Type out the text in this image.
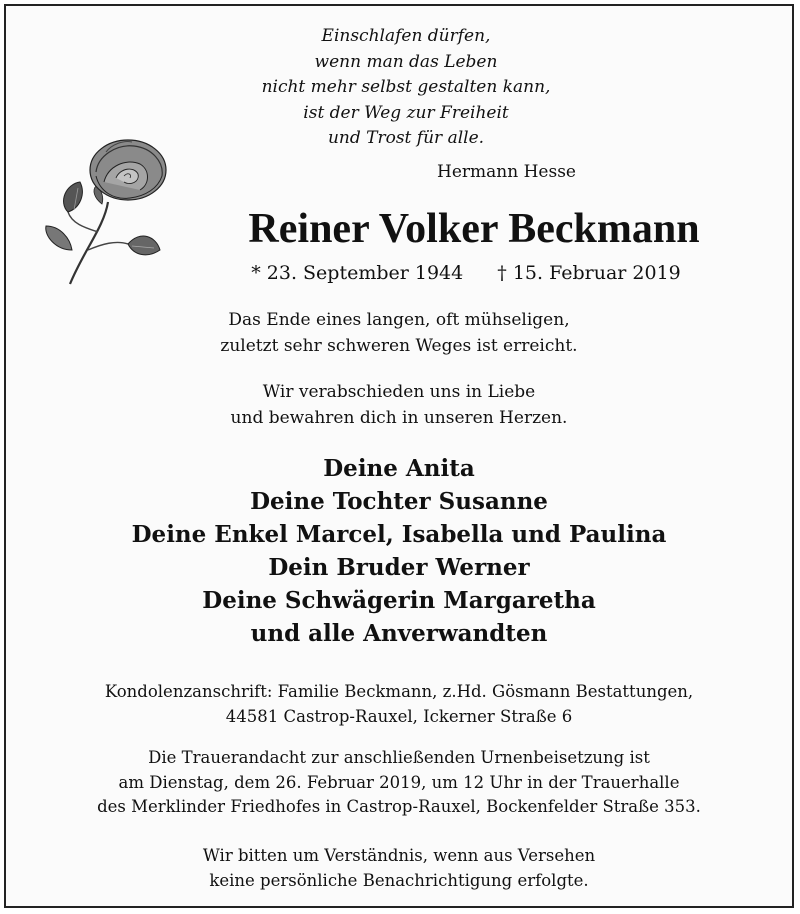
Einschlafen dürfen,
wenn man das Leben
nicht mehr selbst gestalten kann,
ist der Weg zur Freiheit
und Trost für alle.
Hermann Hesse
Reiner Volker Beckmann
* 23. September 1944 † 15. Februar 2019
Das Ende eines langen, oft mühseligen,
zuletzt sehr schweren Weges ist erreicht.
Wir verabschieden uns in Liebe
und bewahren dich in unseren Herzen.
Deine Anita
Deine Tochter Susanne
Deine Enkel Marcel, Isabella und Paulina
Dein Bruder Werner
Deine Schwägerin Margaretha
und alle Anverwandten
Kondolenzanschrift: Familie Beckmann, z.Hd. Gösmann Bestattungen,
44581 Castrop-Rauxel, Ickerner Straße 6
Die Trauerandacht zur anschließenden Urnenbeisetzung ist
am Dienstag, dem 26. Februar 2019, um 12 Uhr in der Trauerhalle
des Merklinder Friedhofes in Castrop-Rauxel, Bockenfelder Straße 353.
Wir bitten um Verständnis, wenn aus Versehen
keine persönliche Benachrichtigung erfolgte.
